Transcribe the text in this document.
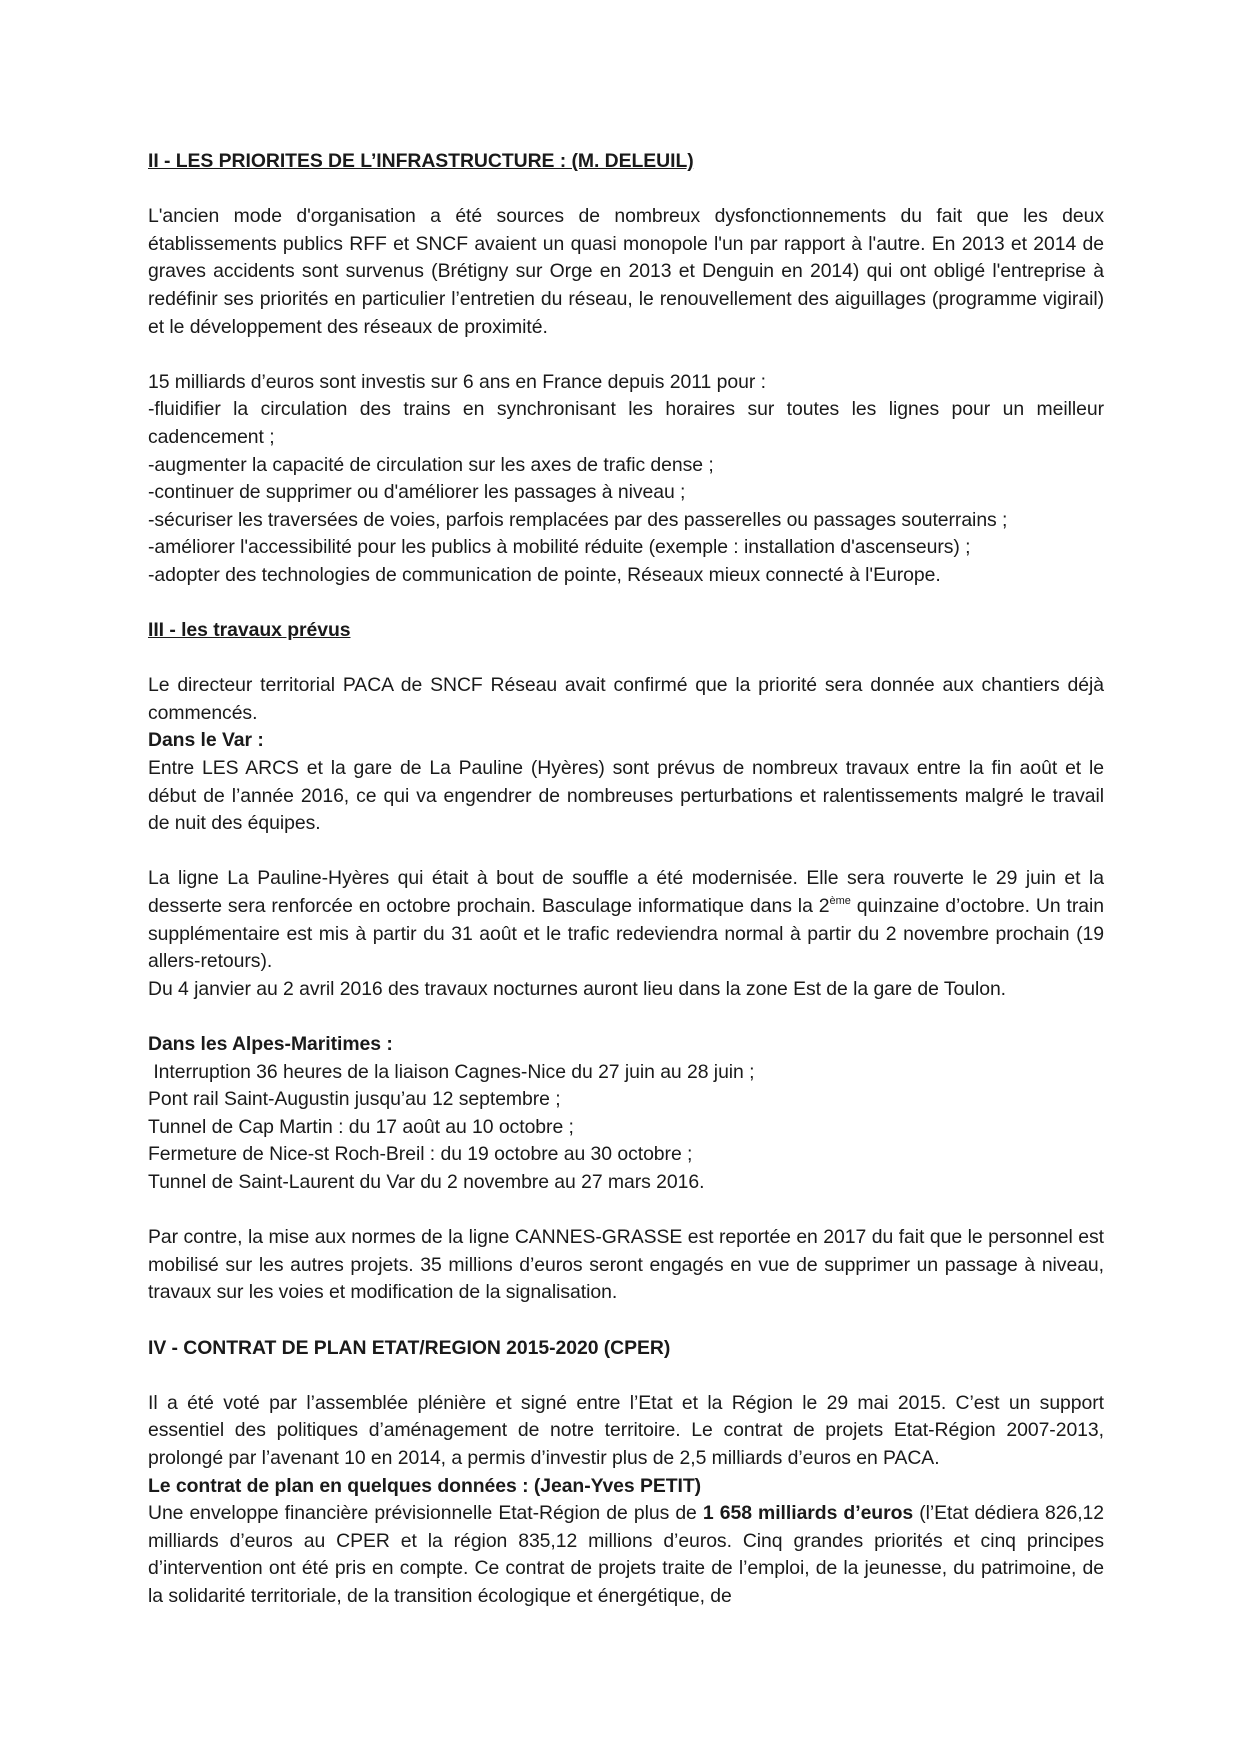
II - LES PRIORITES DE L’INFRASTRUCTURE : (M. DELEUIL)

L'ancien mode d'organisation a été sources de nombreux dysfonctionnements du fait que les deux établissements publics RFF et SNCF avaient un quasi monopole l'un par rapport à l'autre. En 2013 et 2014 de graves accidents sont survenus (Brétigny sur Orge en 2013 et Denguin en 2014) qui ont obligé l'entreprise à redéfinir ses priorités en particulier l’entretien du réseau, le renouvellement des aiguillages (programme vigirail) et le développement des réseaux de proximité.

15 milliards d’euros sont investis sur 6 ans en France depuis 2011 pour :

-fluidifier la circulation des trains en synchronisant les horaires sur toutes les lignes pour un meilleur cadencement ;

-augmenter la capacité de circulation sur les axes de trafic dense ;

-continuer de supprimer ou d'améliorer les passages à niveau ;

-sécuriser les traversées de voies, parfois remplacées par des passerelles ou passages souterrains ;

-améliorer l'accessibilité pour les publics à mobilité réduite (exemple : installation d'ascenseurs) ;

-adopter des technologies de communication de pointe, Réseaux mieux connecté à l'Europe.

III - les travaux prévus

Le directeur territorial PACA de SNCF Réseau avait confirmé que la priorité sera donnée aux chantiers déjà commencés.

Dans le Var :

Entre LES ARCS et la gare de La Pauline (Hyères) sont prévus de nombreux travaux entre la fin août et le début de l’année 2016, ce qui va engendrer de nombreuses perturbations et ralentissements malgré le travail de nuit des équipes.

La ligne La Pauline-Hyères qui était à bout de souffle a été modernisée. Elle sera rouverte le 29 juin et la desserte sera renforcée en octobre prochain. Basculage informatique dans la 2ème quinzaine d’octobre. Un train supplémentaire est mis à partir du 31 août et le trafic redeviendra normal à partir du 2 novembre prochain (19 allers-retours).

Du 4 janvier au 2 avril 2016 des travaux nocturnes auront lieu dans la zone Est de la gare de Toulon.

Dans les Alpes-Maritimes :

Interruption 36 heures de la liaison Cagnes-Nice du 27 juin au 28 juin ;

Pont rail Saint-Augustin jusqu’au 12 septembre ;

Tunnel de Cap Martin : du 17 août au 10 octobre ;

Fermeture de Nice-st Roch-Breil : du 19 octobre au 30 octobre ;

Tunnel de Saint-Laurent du Var du 2 novembre au 27 mars 2016.

Par contre, la mise aux normes de la ligne CANNES-GRASSE est reportée en 2017 du fait que le personnel est mobilisé sur les autres projets. 35 millions d’euros seront engagés en vue de supprimer un passage à niveau, travaux sur les voies et modification de la signalisation.

IV - CONTRAT DE PLAN ETAT/REGION 2015-2020 (CPER)

Il a été voté par l’assemblée plénière et signé entre l’Etat et la Région le 29 mai 2015. C’est un support essentiel des politiques d’aménagement de notre territoire. Le contrat de projets Etat-Région 2007-2013, prolongé par l’avenant 10 en 2014, a permis d’investir plus de 2,5 milliards d’euros en PACA.

Le contrat de plan en quelques données : (Jean-Yves PETIT)

Une enveloppe financière prévisionnelle Etat-Région de plus de 1 658 milliards d’euros (l’Etat dédiera 826,12 milliards d’euros au CPER et la région 835,12 millions d’euros. Cinq grandes priorités et cinq principes d’intervention ont été pris en compte. Ce contrat de projets traite de l’emploi, de la jeunesse, du patrimoine, de la solidarité territoriale, de la transition écologique et énergétique, de
